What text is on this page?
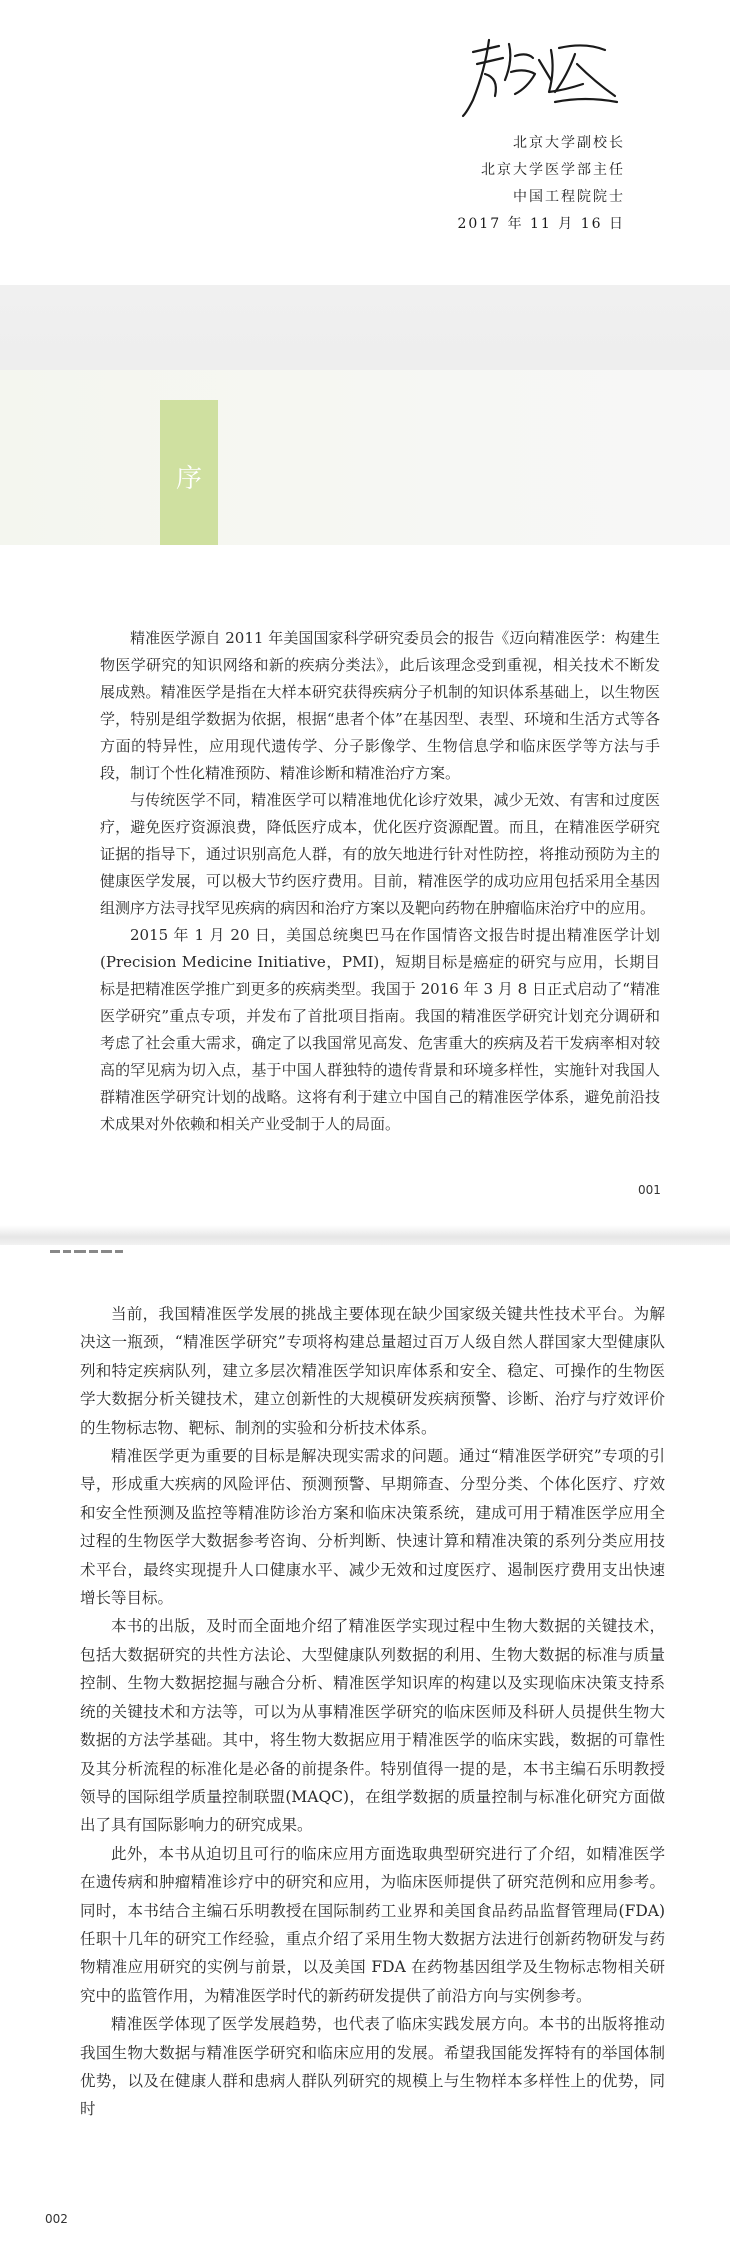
北京大学副校长
北京大学医学部主任
中国工程院院士
2017 年 11 月 16 日
序

精准医学源自 2011 年美国国家科学研究委员会的报告《迈向精准医学：构建生物医学研究的知识网络和新的疾病分类法》，此后该理念受到重视，相关技术不断发展成熟。精准医学是指在大样本研究获得疾病分子机制的知识体系基础上，以生物医学，特别是组学数据为依据，根据“患者个体”在基因型、表型、环境和生活方式等各方面的特异性，应用现代遗传学、分子影像学、生物信息学和临床医学等方法与手段，制订个性化精准预防、精准诊断和精准治疗方案。

与传统医学不同，精准医学可以精准地优化诊疗效果，减少无效、有害和过度医疗，避免医疗资源浪费，降低医疗成本，优化医疗资源配置。而且，在精准医学研究证据的指导下，通过识别高危人群，有的放矢地进行针对性防控，将推动预防为主的健康医学发展，可以极大节约医疗费用。目前，精准医学的成功应用包括采用全基因组测序方法寻找罕见疾病的病因和治疗方案以及靶向药物在肿瘤临床治疗中的应用。

2015 年 1 月 20 日，美国总统奥巴马在作国情咨文报告时提出精准医学计划(Precision Medicine Initiative，PMI)，短期目标是癌症的研究与应用，长期目标是把精准医学推广到更多的疾病类型。我国于 2016 年 3 月 8 日正式启动了“精准医学研究”重点专项，并发布了首批项目指南。我国的精准医学研究计划充分调研和考虑了社会重大需求，确定了以我国常见高发、危害重大的疾病及若干发病率相对较高的罕见病为切入点，基于中国人群独特的遗传背景和环境多样性，实施针对我国人群精准医学研究计划的战略。这将有利于建立中国自己的精准医学体系，避免前沿技术成果对外依赖和相关产业受制于人的局面。

001

当前，我国精准医学发展的挑战主要体现在缺少国家级关键共性技术平台。为解决这一瓶颈，“精准医学研究”专项将构建总量超过百万人级自然人群国家大型健康队列和特定疾病队列，建立多层次精准医学知识库体系和安全、稳定、可操作的生物医学大数据分析关键技术，建立创新性的大规模研发疾病预警、诊断、治疗与疗效评价的生物标志物、靶标、制剂的实验和分析技术体系。

精准医学更为重要的目标是解决现实需求的问题。通过“精准医学研究”专项的引导，形成重大疾病的风险评估、预测预警、早期筛查、分型分类、个体化医疗、疗效和安全性预测及监控等精准防诊治方案和临床决策系统，建成可用于精准医学应用全过程的生物医学大数据参考咨询、分析判断、快速计算和精准决策的系列分类应用技术平台，最终实现提升人口健康水平、减少无效和过度医疗、遏制医疗费用支出快速增长等目标。

本书的出版，及时而全面地介绍了精准医学实现过程中生物大数据的关键技术，包括大数据研究的共性方法论、大型健康队列数据的利用、生物大数据的标准与质量控制、生物大数据挖掘与融合分析、精准医学知识库的构建以及实现临床决策支持系统的关键技术和方法等，可以为从事精准医学研究的临床医师及科研人员提供生物大数据的方法学基础。其中，将生物大数据应用于精准医学的临床实践，数据的可靠性及其分析流程的标准化是必备的前提条件。特别值得一提的是，本书主编石乐明教授领导的国际组学质量控制联盟(MAQC)，在组学数据的质量控制与标准化研究方面做出了具有国际影响力的研究成果。

此外，本书从迫切且可行的临床应用方面选取典型研究进行了介绍，如精准医学在遗传病和肿瘤精准诊疗中的研究和应用，为临床医师提供了研究范例和应用参考。同时，本书结合主编石乐明教授在国际制药工业界和美国食品药品监督管理局(FDA)任职十几年的研究工作经验，重点介绍了采用生物大数据方法进行创新药物研发与药物精准应用研究的实例与前景，以及美国 FDA 在药物基因组学及生物标志物相关研究中的监管作用，为精准医学时代的新药研发提供了前沿方向与实例参考。

精准医学体现了医学发展趋势，也代表了临床实践发展方向。本书的出版将推动我国生物大数据与精准医学研究和临床应用的发展。希望我国能发挥特有的举国体制优势，以及在健康人群和患病人群队列研究的规模上与生物样本多样性上的优势，同时

002
